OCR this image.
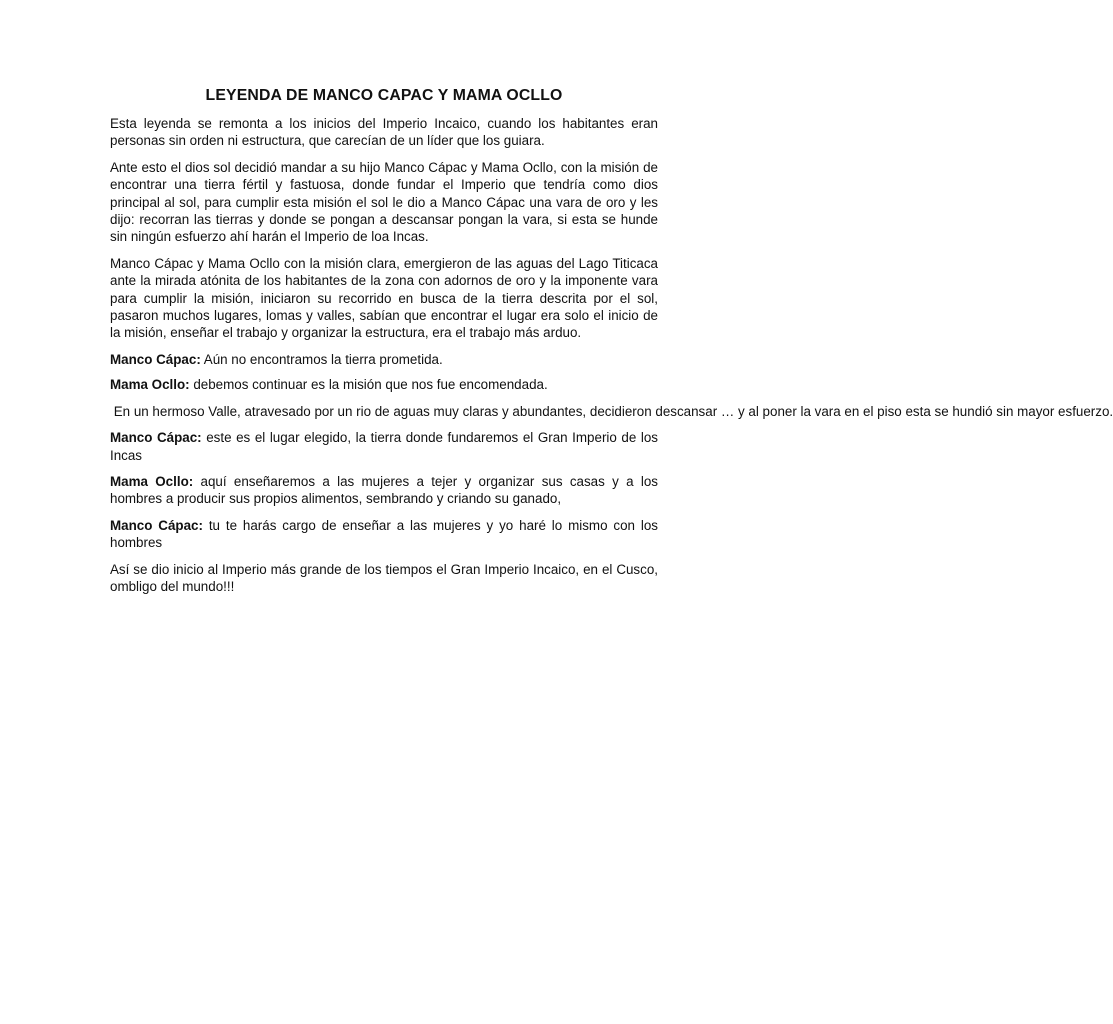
LEYENDA DE MANCO CAPAC Y MAMA OCLLO

Esta leyenda se remonta a los inicios del Imperio Incaico, cuando los habitantes eran personas sin orden ni estructura, que carecían de un líder que los guiara.

Ante esto el dios sol decidió mandar a su hijo Manco Cápac y Mama Ocllo, con la misión de encontrar una tierra fértil y fastuosa, donde fundar el Imperio que tendría como dios principal al sol, para cumplir esta misión el sol le dio a Manco Cápac una vara de oro y les dijo: recorran las tierras y donde se pongan a descansar pongan la vara, si esta se hunde sin ningún esfuerzo ahí harán el Imperio de loa Incas.

Manco Cápac y Mama Ocllo con la misión clara, emergieron de las aguas del Lago Titicaca ante la mirada atónita de los habitantes de la zona con adornos de oro y la imponente vara para cumplir la misión, iniciaron su recorrido en busca de la tierra descrita por el sol, pasaron muchos lugares, lomas y valles, sabían que encontrar el lugar era solo el inicio de la misión, enseñar el trabajo y organizar la estructura, era el trabajo más arduo.

Manco Cápac: Aún no encontramos la tierra prometida.

Mama Ocllo: debemos continuar es la misión que nos fue encomendada.

En un hermoso Valle, atravesado por un rio de aguas muy claras y abundantes, decidieron descansar … y al poner la vara en el piso esta se hundió sin mayor esfuerzo.

Manco Cápac: este es el lugar elegido, la tierra donde fundaremos el Gran Imperio de los Incas

Mama Ocllo: aquí enseñaremos a las mujeres a tejer y organizar sus casas y a los hombres a producir sus propios alimentos, sembrando y criando su ganado,

Manco Cápac: tu te harás cargo de enseñar a las mujeres y yo haré lo mismo con los hombres

Así se dio inicio al Imperio más grande de los tiempos el Gran Imperio Incaico, en el Cusco, ombligo del mundo!!!
